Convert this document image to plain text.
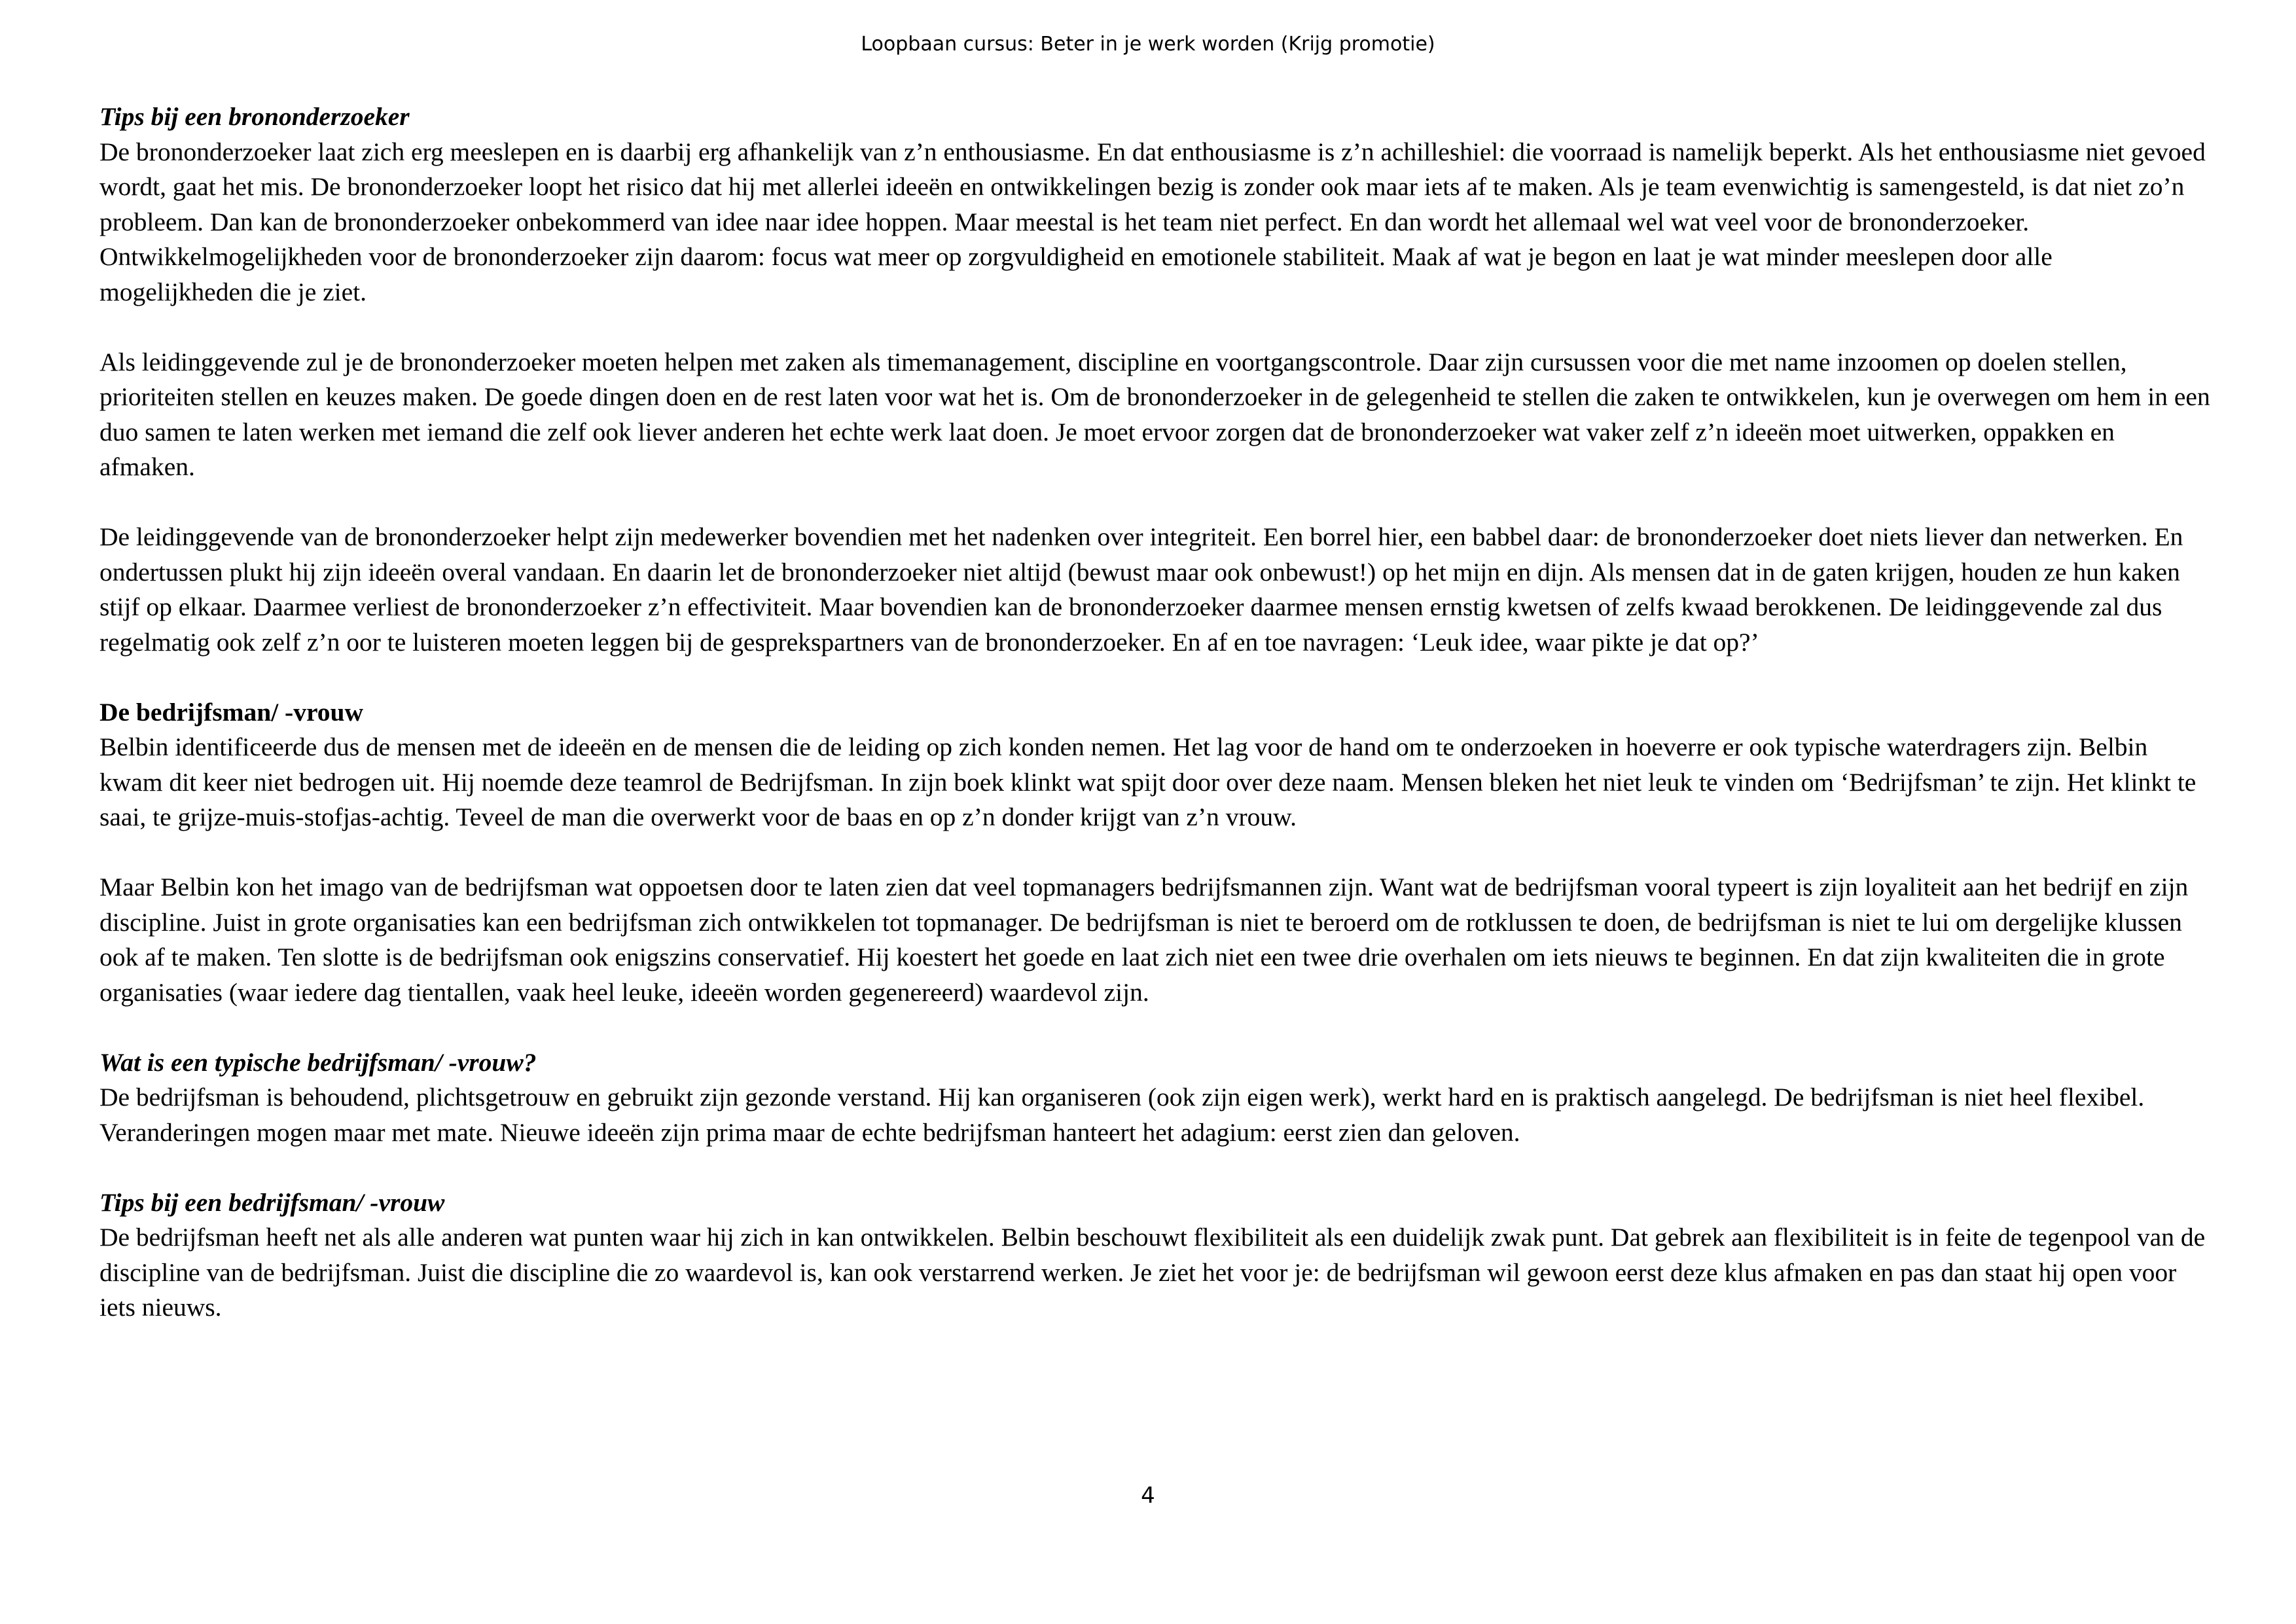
Loopbaan cursus: Beter in je werk worden (Krijg promotie)

Tips bij een brononderzoeker

De brononderzoeker laat zich erg meeslepen en is daarbij erg afhankelijk van z’n enthousiasme. En dat enthousiasme is z’n achilleshiel: die voorraad is namelijk beperkt. Als het enthousiasme niet gevoed wordt, gaat het mis. De brononderzoeker loopt het risico dat hij met allerlei ideeën en ontwikkelingen bezig is zonder ook maar iets af te maken. Als je team evenwichtig is samengesteld, is dat niet zo’n probleem. Dan kan de brononderzoeker onbekommerd van idee naar idee hoppen. Maar meestal is het team niet perfect. En dan wordt het allemaal wel wat veel voor de brononderzoeker. Ontwikkelmogelijkheden voor de brononderzoeker zijn daarom: focus wat meer op zorgvuldigheid en emotionele stabiliteit. Maak af wat je begon en laat je wat minder meeslepen door alle mogelijkheden die je ziet.

Als leidinggevende zul je de brononderzoeker moeten helpen met zaken als timemanagement, discipline en voortgangscontrole. Daar zijn cursussen voor die met name inzoomen op doelen stellen, prioriteiten stellen en keuzes maken. De goede dingen doen en de rest laten voor wat het is. Om de brononderzoeker in de gelegenheid te stellen die zaken te ontwikkelen, kun je overwegen om hem in een duo samen te laten werken met iemand die zelf ook liever anderen het echte werk laat doen. Je moet ervoor zorgen dat de brononderzoeker wat vaker zelf z’n ideeën moet uitwerken, oppakken en afmaken.

De leidinggevende van de brononderzoeker helpt zijn medewerker bovendien met het nadenken over integriteit. Een borrel hier, een babbel daar: de brononderzoeker doet niets liever dan netwerken. En ondertussen plukt hij zijn ideeën overal vandaan. En daarin let de brononderzoeker niet altijd (bewust maar ook onbewust!) op het mijn en dijn. Als mensen dat in de gaten krijgen, houden ze hun kaken stijf op elkaar. Daarmee verliest de brononderzoeker z’n effectiviteit. Maar bovendien kan de brononderzoeker daarmee mensen ernstig kwetsen of zelfs kwaad berokkenen. De leidinggevende zal dus regelmatig ook zelf z’n oor te luisteren moeten leggen bij de gesprekspartners van de brononderzoeker. En af en toe navragen: ‘Leuk idee, waar pikte je dat op?’

De bedrijfsman/ -vrouw

Belbin identificeerde dus de mensen met de ideeën en de mensen die de leiding op zich konden nemen. Het lag voor de hand om te onderzoeken in hoeverre er ook typische waterdragers zijn. Belbin kwam dit keer niet bedrogen uit. Hij noemde deze teamrol de Bedrijfsman. In zijn boek klinkt wat spijt door over deze naam. Mensen bleken het niet leuk te vinden om ‘Bedrijfsman’ te zijn. Het klinkt te saai, te grijze-muis-stofjas-achtig. Teveel de man die overwerkt voor de baas en op z’n donder krijgt van z’n vrouw.

Maar Belbin kon het imago van de bedrijfsman wat oppoetsen door te laten zien dat veel topmanagers bedrijfsmannen zijn. Want wat de bedrijfsman vooral typeert is zijn loyaliteit aan het bedrijf en zijn discipline. Juist in grote organisaties kan een bedrijfsman zich ontwikkelen tot topmanager. De bedrijfsman is niet te beroerd om de rotklussen te doen, de bedrijfsman is niet te lui om dergelijke klussen ook af te maken. Ten slotte is de bedrijfsman ook enigszins conservatief. Hij koestert het goede en laat zich niet een twee drie overhalen om iets nieuws te beginnen. En dat zijn kwaliteiten die in grote organisaties (waar iedere dag tientallen, vaak heel leuke, ideeën worden gegenereerd) waardevol zijn.

Wat is een typische bedrijfsman/ -vrouw?

De bedrijfsman is behoudend, plichtsgetrouw en gebruikt zijn gezonde verstand. Hij kan organiseren (ook zijn eigen werk), werkt hard en is praktisch aangelegd. De bedrijfsman is niet heel flexibel. Veranderingen mogen maar met mate. Nieuwe ideeën zijn prima maar de echte bedrijfsman hanteert het adagium: eerst zien dan geloven.

Tips bij een bedrijfsman/ -vrouw

De bedrijfsman heeft net als alle anderen wat punten waar hij zich in kan ontwikkelen. Belbin beschouwt flexibiliteit als een duidelijk zwak punt. Dat gebrek aan flexibiliteit is in feite de tegenpool van de discipline van de bedrijfsman. Juist die discipline die zo waardevol is, kan ook verstarrend werken. Je ziet het voor je: de bedrijfsman wil gewoon eerst deze klus afmaken en pas dan staat hij open voor iets nieuws.

4
